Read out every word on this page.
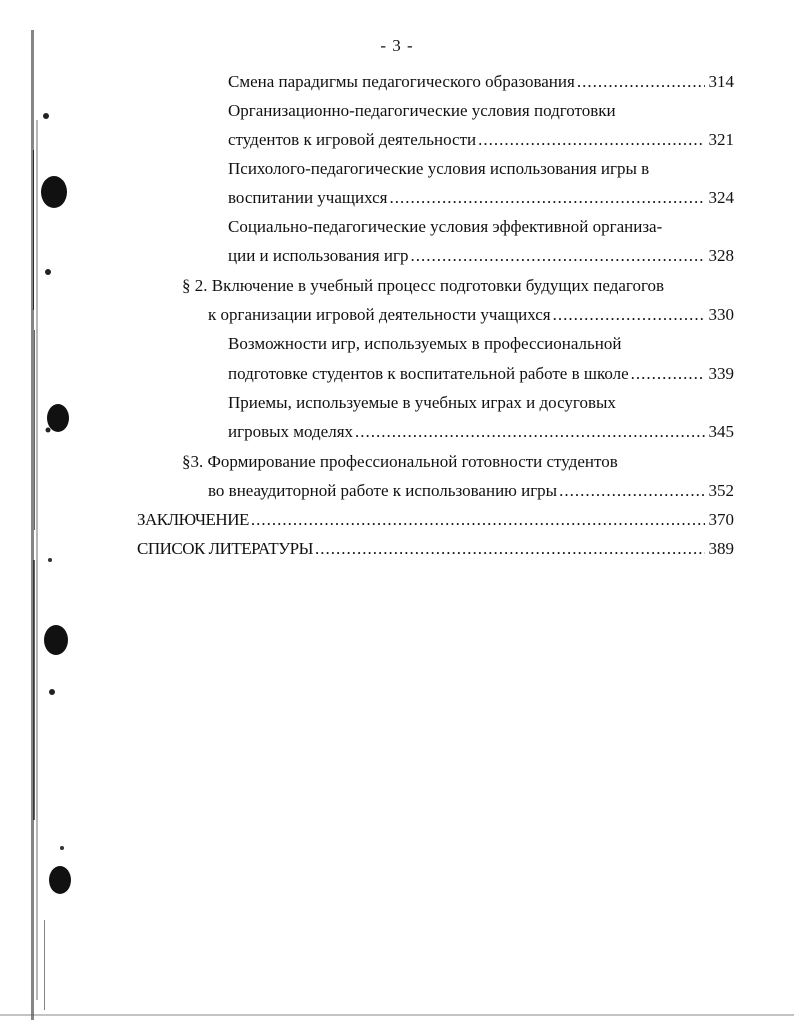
- 3 -
Смена парадигмы педагогического образования .....	314
Организационно-педагогические условия подготовки
студентов к игровой деятельности .....	321
Психолого-педагогические условия использования игры в
воспитании учащихся .....	324
Социально-педагогические условия эффективной организа-
ции и использования игр .....	328
§ 2. Включение в учебный процесс подготовки будущих педагогов
к организации игровой деятельности учащихся .....	330
Возможности игр, используемых в профессиональной
подготовке студентов к воспитательной работе в школе .....	339
Приемы, используемые в учебных играх и досуговых
игровых моделях .....	345
§3. Формирование профессиональной готовности студентов
во внеаудиторной работе к использованию игры .....	352
ЗАКЛЮЧЕНИЕ .....	370
СПИСОК ЛИТЕРАТУРЫ .....	389
